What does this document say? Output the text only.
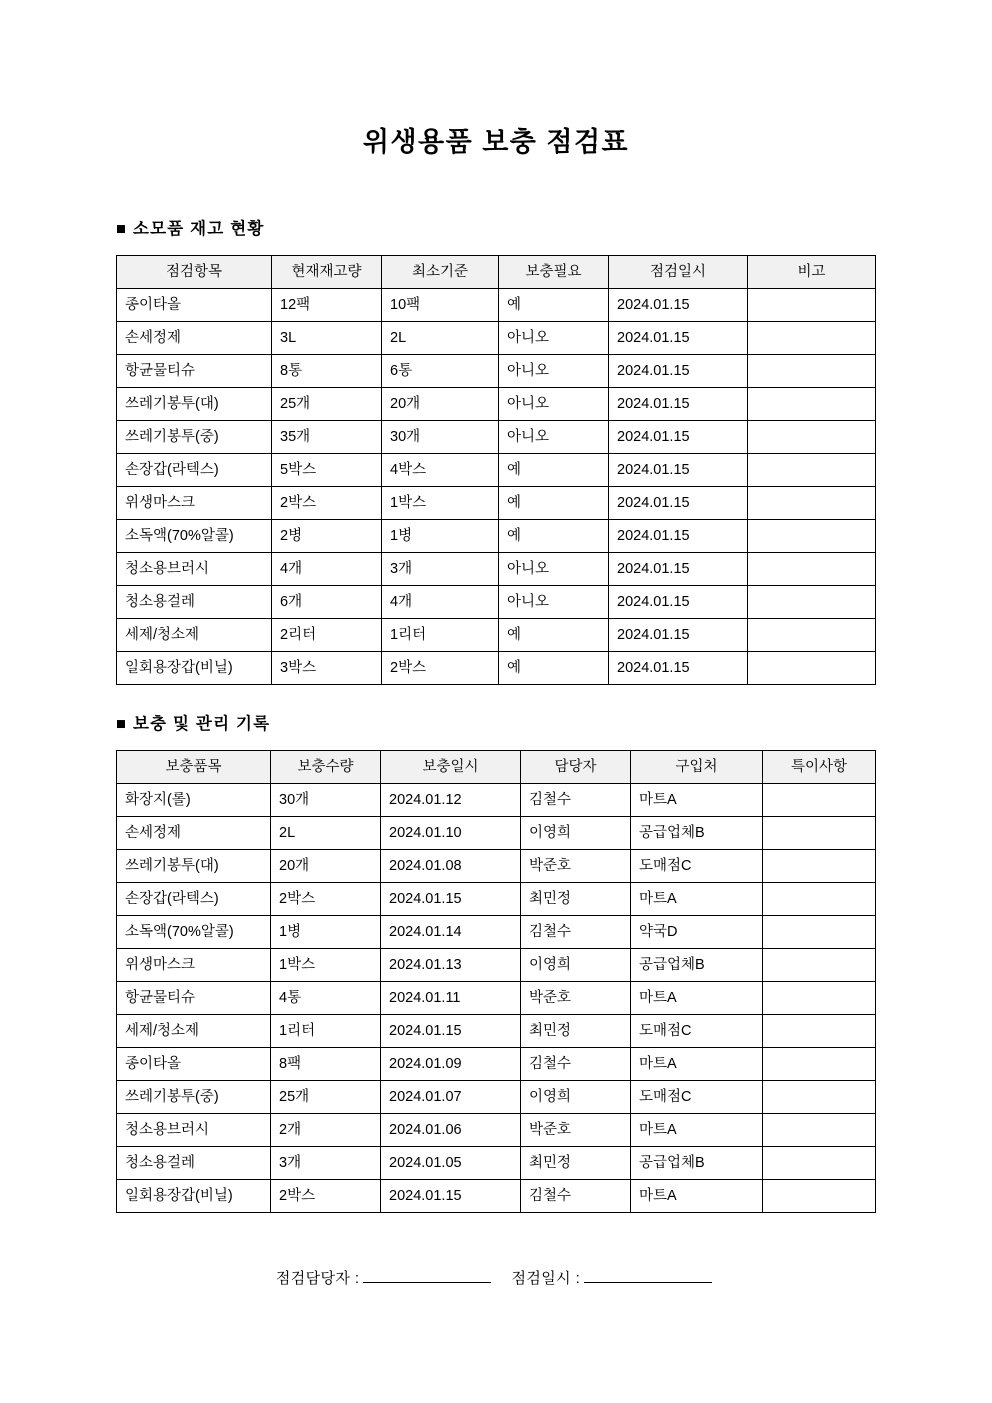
위생용품 보충 점검표
■ 소모품 재고 현황
점검항목	현재재고량	최소기준	보충필요	점검일시	비고
종이타올	12팩	10팩	예	2024.01.15	
손세정제	3L	2L	아니오	2024.01.15	
항균물티슈	8통	6통	아니오	2024.01.15	
쓰레기봉투(대)	25개	20개	아니오	2024.01.15	
쓰레기봉투(중)	35개	30개	아니오	2024.01.15	
손장갑(라텍스)	5박스	4박스	예	2024.01.15	
위생마스크	2박스	1박스	예	2024.01.15	
소독액(70%알콜)	2병	1병	예	2024.01.15	
청소용브러시	4개	3개	아니오	2024.01.15	
청소용걸레	6개	4개	아니오	2024.01.15	
세제/청소제	2리터	1리터	예	2024.01.15	
일회용장갑(비닐)	3박스	2박스	예	2024.01.15	
■ 보충 및 관리 기록
보충품목	보충수량	보충일시	담당자	구입처	특이사항
화장지(롤)	30개	2024.01.12	김철수	마트A	
손세정제	2L	2024.01.10	이영희	공급업체B	
쓰레기봉투(대)	20개	2024.01.08	박준호	도매점C	
손장갑(라텍스)	2박스	2024.01.15	최민정	마트A	
소독액(70%알콜)	1병	2024.01.14	김철수	약국D	
위생마스크	1박스	2024.01.13	이영희	공급업체B	
항균물티슈	4통	2024.01.11	박준호	마트A	
세제/청소제	1리터	2024.01.15	최민정	도매점C	
종이타올	8팩	2024.01.09	김철수	마트A	
쓰레기봉투(중)	25개	2024.01.07	이영희	도매점C	
청소용브러시	2개	2024.01.06	박준호	마트A	
청소용걸레	3개	2024.01.05	최민정	공급업체B	
일회용장갑(비닐)	2박스	2024.01.15	김철수	마트A	

점검담당자 :	점검일시 :
